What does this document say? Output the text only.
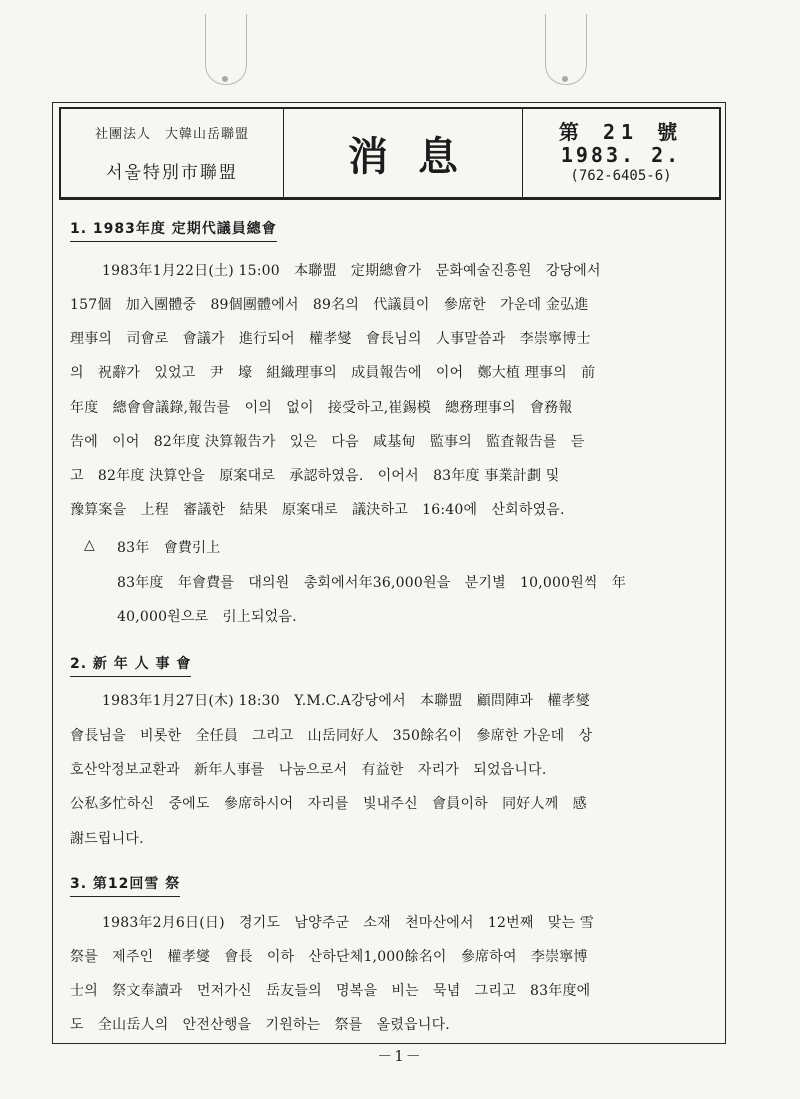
社團法人　大韓山岳聯盟
서울特別市聯盟	消息
第 21 號
1983. 2.
(762-6405-6)
1. 1983年度 定期代議員總會
1983年1月22日(土) 15:00　本聯盟　定期總會가　문화예술진흥원　강당에서
157個　加入團體중　89個團體에서　89名의　代議員이　參席한　가운데 金弘進
理事의　司會로　會議가　進行되어　權孝燮　會長님의　人事말씀과　李崇寧博士
의　祝辭가　있었고　尹　壕　組織理事의　成員報告에　이어　鄭大植 理事의　前
年度　總會會議錄,報告를　이의　없이　接受하고,崔錫模　總務理事의　會務報
告에　이어　82年度 決算報告가　있은　다음　咸基甸　監事의　監査報告를　듣
고　82年度 決算안을　原案대로　承認하였음.　이어서　83年度 事業計劃 및
豫算案을　上程　審議한　結果　原案대로　議決하고　16:40에　산회하였음.
△ 83年　會費引上
83年度　年會費를　대의원　총회에서年36,000원을　분기별　10,000원씩　年
40,000원으로　引上되었음.
2. 新 年 人 事 會
1983年1月27日(木) 18:30　Y.M.C.A강당에서　本聯盟　顧問陣과　權孝燮
會長님을　비롯한　全任員　그리고　山岳同好人　350餘名이　參席한 가운데　상
호산악정보교환과　新年人事를　나눔으로서　有益한　자리가　되었읍니다.
公私多忙하신　중에도　參席하시어　자리를　빛내주신　會員이하　同好人께　感
謝드립니다.
3. 第12回雪 祭
1983年2月6日(日)　경기도　남양주군　소재　천마산에서　12번째　맞는 雪
祭를　제주인　權孝燮　會長　이하　산하단체1,000餘名이　參席하여　李崇寧博
士의　祭文奉讀과　먼저가신　岳友들의　명복을　비는　묵념　그리고　83年度에
도　全山岳人의　안전산행을　기원하는　祭를　올렸읍니다.
－1－
